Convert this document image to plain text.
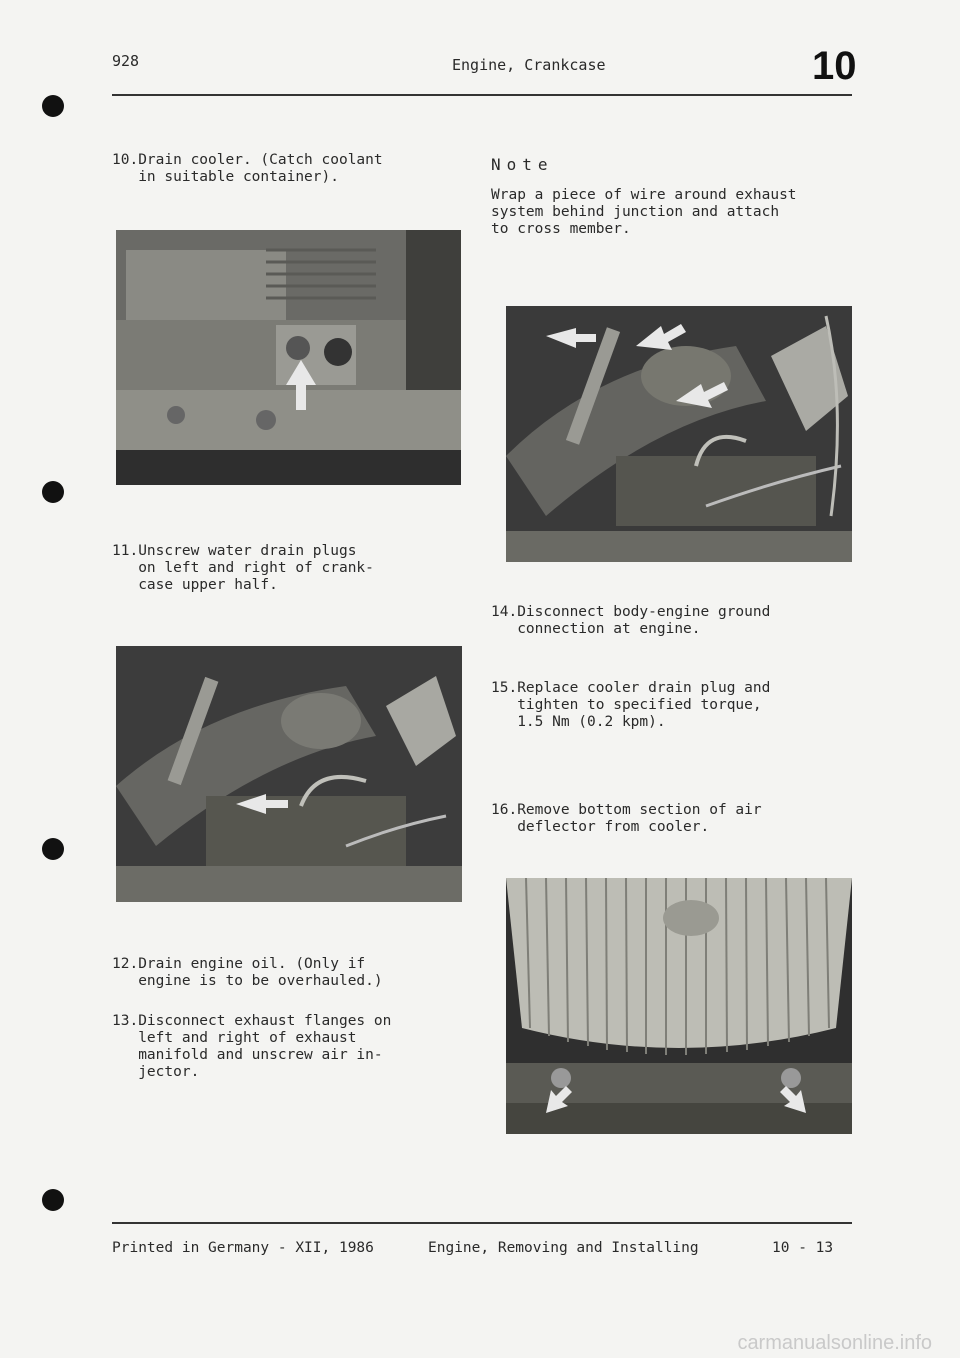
928	Engine, Crankcase	10
10.Drain cooler. (Catch coolant
in suitable container).
11.Unscrew water drain plugs
on left and right of crank-
case upper half.
12.Drain engine oil. (Only if
engine is to be overhauled.)
13.Disconnect exhaust flanges on
left and right of exhaust
manifold and unscrew air in-
jector.
Note
Wrap a piece of wire around exhaust
system behind junction and attach
to cross member.
14.Disconnect body-engine ground
connection at engine.
15.Replace cooler drain plug and
tighten to specified torque,
1.5 Nm (0.2 kpm).
16.Remove bottom section of air
deflector from cooler.
Printed in Germany - XII, 1986	Engine, Removing and Installing	10 - 13
carmanualsonline.info
